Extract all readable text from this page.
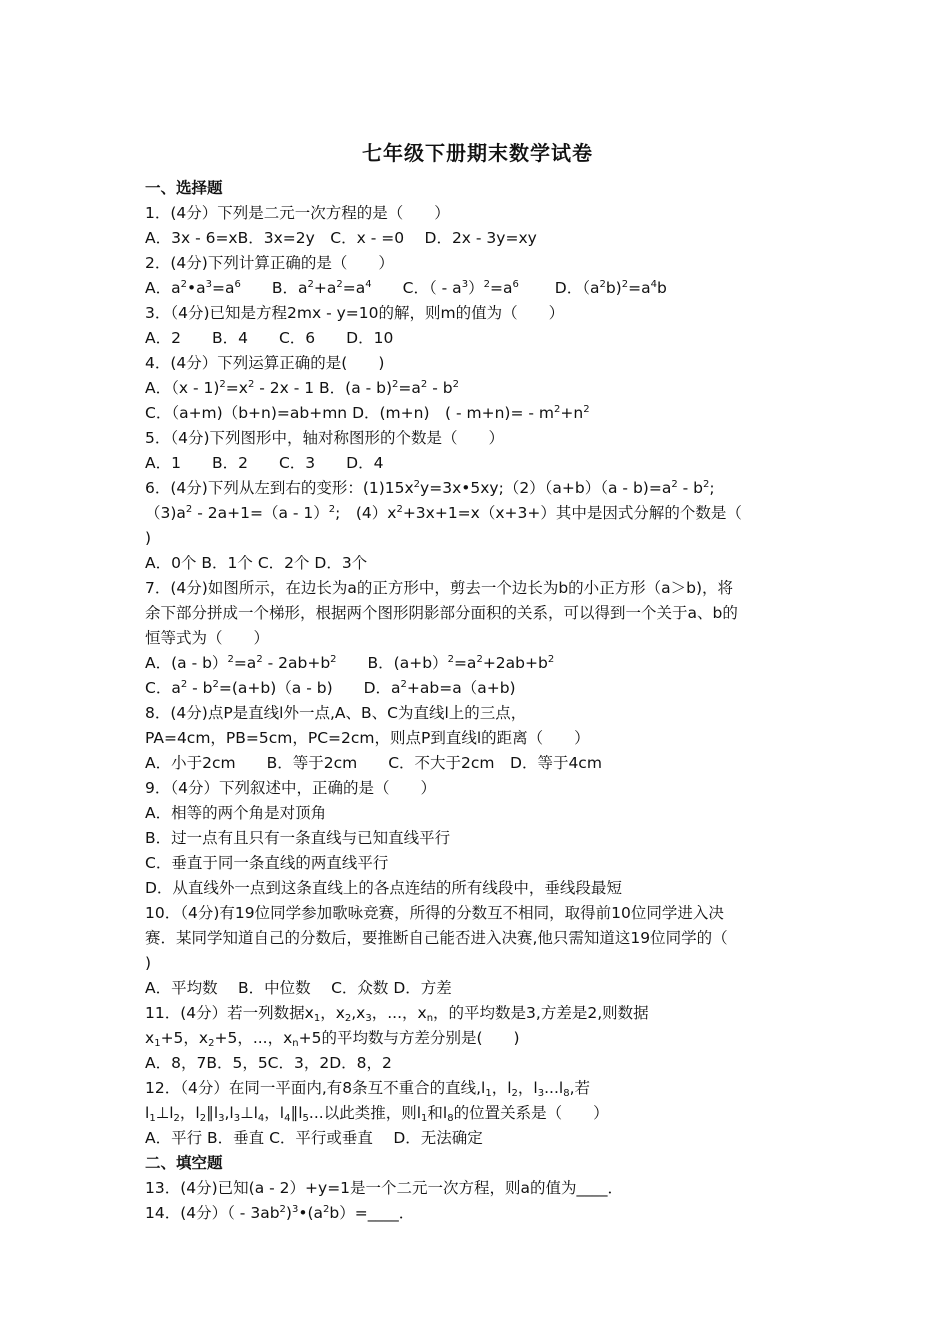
七年级下册期末数学试卷
一、选择题
1．(4分）下列是二元一次方程的是（　　）
A．3x - 6=xB．3x=2y　C．x - =0　 D．2x - 3y=xy
2．(4分)下列计算正确的是（　　）
A．$a^2•a^3=a^6$　　B．$a^2+a^2=a^4$　　C．（ - $a^3)^2=a^6$　　 D．$(a^2b)^2=a^4b$
3．（4分)已知是方程2mx - y=10的解，则m的值为（　　）
A．2　　B．4　　C．6　　D．10
4．(4分）下列运算正确的是(　　)
A．$(x - 1)^2=x^2 - 2x - 1$ B．$(a - b)^2=a^2 - b^2$
C．（a+m)（b+n)=ab+mn D．(m+n)　( - $m+n)= - m^2+n^2$
5．（4分)下列图形中，轴对称图形的个数是（　　）
A．1　　B．2　　C．3　　D．4
6．(4分)下列从左到右的变形：$(1)15x^2y=3x•5xy;(2)(a+b)(a - b)=a^2 - b^2$;
$(3)a^2 - 2a+1=(a - 1)^2$;　$(4)x^2+3x+1=x(x+3+)$其中是因式分解的个数是（
)
A．0个 B．1个 C．2个 D．3个
7．(4分)如图所示，在边长为a的正方形中，剪去一个边长为b的小正方形（a＞b)，将
余下部分拼成一个梯形，根据两个图形阴影部分面积的关系，可以得到一个关于a、b的
恒等式为（　　）
A．$(a - b)^2=a^2 - 2ab+b^2$　　B．$(a+b)^2=a^2+2ab+b^2$
C．$a^2 - b^2=(a+b)(a - b)$　　D．$a^2+ab=a(a+b)$
8．(4分)点P是直线l外一点,A、B、C为直线l上的三点，
PA=4cm，PB=5cm，PC=2cm，则点P到直线l的距离（　　）
A．小于2cm　　B．等于2cm　　C．不大于2cm　D．等于4cm
9．（4分）下列叙述中，正确的是（　　）
A．相等的两个角是对顶角
B．过一点有且只有一条直线与已知直线平行
C．垂直于同一条直线的两直线平行
D．从直线外一点到这条直线上的各点连结的所有线段中，垂线段最短
10．（4分)有19位同学参加歌咏竞赛，所得的分数互不相同，取得前10位同学进入决
赛．某同学知道自己的分数后，要推断自己能否进入决赛,他只需知道这19位同学的（
)
A．平均数　 B．中位数　 C．众数 D．方差
11．(4分）若一列数据$x_1$，$x_2,x_3$，...，$x_n$，的平均数是3,方差是2,则数据
$x_1+5$，$x_2+5$，...，$x_n+5$的平均数与方差分别是(　　)
A．8，7B．5，5C．3，2D．8，2
12．（4分）在同一平面内,有8条互不重合的直线$,l_1$，$l_2$，$l_3...l_8$,若
$l_1\perp l_2$，$l_2\parallel l_3,l_3\perp l_4$，$l_4\parallel l_5$...以此类推，则$l_1$和$l_8$的位置关系是（　　）
A．平行 B．垂直 C．平行或垂直　 D．无法确定
二、填空题
13．(4分)已知(a - 2）+y=1是一个二元一次方程，则a的值为____．
14．(4分）（ - $3ab^2)^3•(a^2b)=\_\_\_\_$．
